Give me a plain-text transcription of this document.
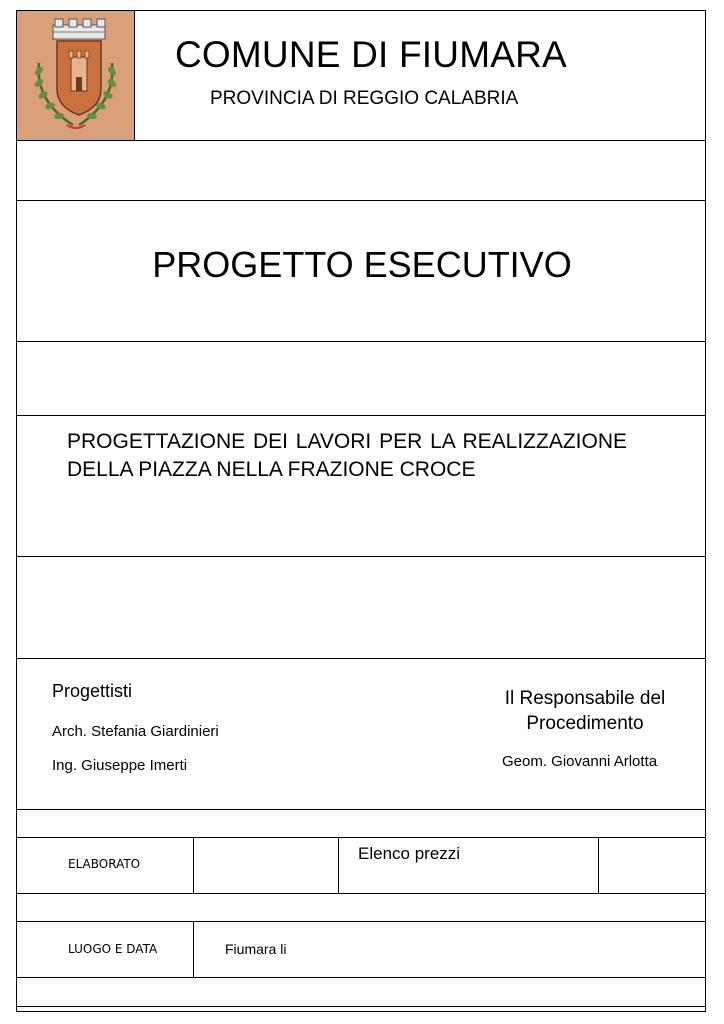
COMUNE DI FIUMARA
PROVINCIA DI REGGIO CALABRIA
PROGETTO ESECUTIVO
PROGETTAZIONE DEI LAVORI PER LA REALIZZAZIONE DELLA PIAZZA NELLA FRAZIONE CROCE
Progettisti
Arch. Stefania Giardinieri
Ing. Giuseppe Imerti
Il Responsabile del Procedimento
Geom. Giovanni Arlotta
ELABORATO
Elenco prezzi
LUOGO E DATA	Fiumara li
